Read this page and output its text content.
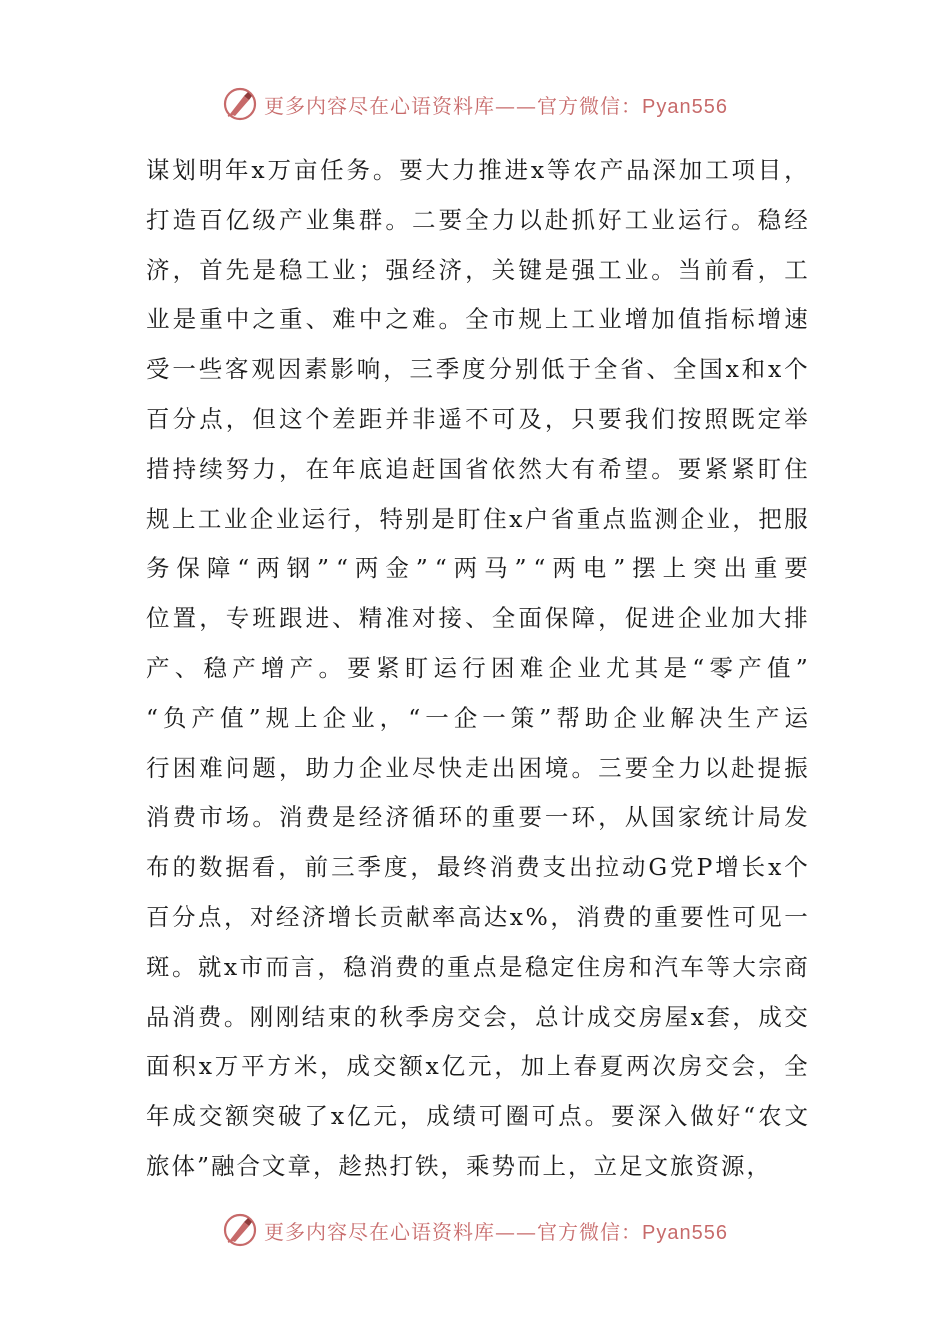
更多内容尽在心语资料库——官方微信：Pyan556
谋 划 明 年 x 万 亩 任 务 。 要 大 力 推 进 x 等 农 产 品 深 加 工 项 目 ，
打 造 百 亿 级 产 业 集 群 。 二 要 全 力 以 赴 抓 好 工 业 运 行 。 稳 经
济 ， 首 先 是 稳 工 业 ； 强 经 济 ， 关 键 是 强 工 业 。 当 前 看 ， 工
业 是 重 中 之 重 、 难 中 之 难 。 全 市 规 上 工 业 增 加 值 指 标 增 速
受 一 些 客 观 因 素 影 响 ， 三 季 度 分 别 低 于 全 省 、 全 国 x 和 x 个
百 分 点 ， 但 这 个 差 距 并 非 遥 不 可 及 ， 只 要 我 们 按 照 既 定 举
措 持 续 努 力 ， 在 年 底 追 赶 国 省 依 然 大 有 希 望 。 要 紧 紧 盯 住
规 上 工 业 企 业 运 行 ， 特 别 是 盯 住 x 户 省 重 点 监 测 企 业 ， 把 服
务 保 障 “ 两 钢 ” “ 两 金 ” “ 两 马 ” “ 两 电 ” 摆 上 突 出 重 要
位 置 ， 专 班 跟 进 、 精 准 对 接 、 全 面 保 障 ， 促 进 企 业 加 大 排
产 、 稳 产 增 产 。 要 紧 盯 运 行 困 难 企 业 尤 其 是 “ 零 产 值 ”
“ 负 产 值 ” 规 上 企 业 ， “ 一 企 一 策 ” 帮 助 企 业 解 决 生 产 运
行 困 难 问 题 ， 助 力 企 业 尽 快 走 出 困 境 。 三 要 全 力 以 赴 提 振
消 费 市 场 。 消 费 是 经 济 循 环 的 重 要 一 环 ， 从 国 家 统 计 局 发
布 的 数 据 看 ， 前 三 季 度 ， 最 终 消 费 支 出 拉 动 G 党 P 增 长 x 个
百 分 点 ， 对 经 济 增 长 贡 献 率 高 达 x % ， 消 费 的 重 要 性 可 见 一
斑 。 就 x 市 而 言 ， 稳 消 费 的 重 点 是 稳 定 住 房 和 汽 车 等 大 宗 商
品 消 费 。 刚 刚 结 束 的 秋 季 房 交 会 ， 总 计 成 交 房 屋 x 套 ， 成 交
面 积 x 万 平 方 米 ， 成 交 额 x 亿 元 ， 加 上 春 夏 两 次 房 交 会 ， 全
年 成 交 额 突 破 了 x 亿 元 ， 成 绩 可 圈 可 点 。 要 深 入 做 好 “ 农 文
旅 体 ” 融 合 文 章 ， 趁 热 打 铁 ， 乘 势 而 上 ， 立 足 文 旅 资 源 ，
更多内容尽在心语资料库——官方微信：Pyan556
